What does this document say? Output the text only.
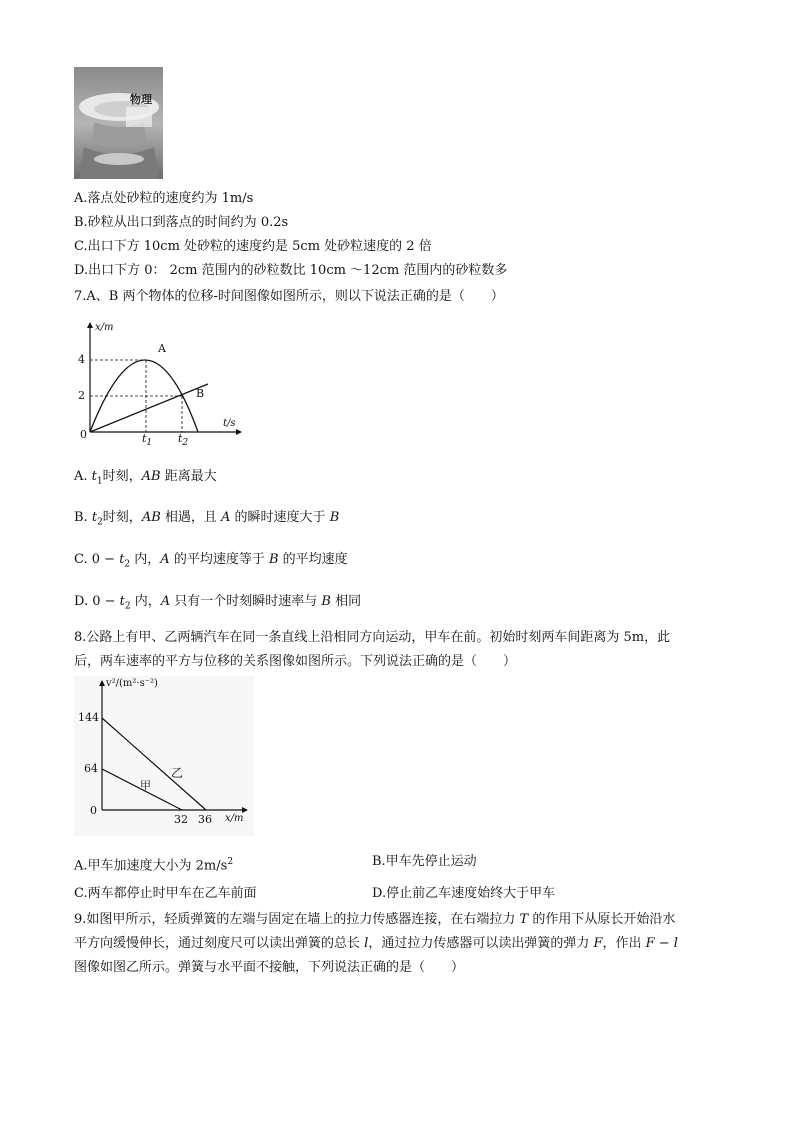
物理
A.落点处砂粒的速度约为 1m/s
B.砂粒从出口到落点的时间约为 0.2s
C.出口下方 10cm 处砂粒的速度约是 5cm 处砂粒速度的 2 倍
D.出口下方 0： 2cm 范围内的砂粒数比 10cm ～12cm 范围内的砂粒数多
7.A、B 两个物体的位移-时间图像如图所示，则以下说法正确的是（　　）
x/m
t/s
4
2
0	$t_1$ $t_2$
A
B
A. $t_1$时刻，AB 距离最大
B. $t_2$时刻，AB 相遇，且 A 的瞬时速度大于 B
C. $0 - t_2$ 内，A 的平均速度等于 B 的平均速度
D. $0 - t_2$ 内，A 只有一个时刻瞬时速率与 B 相同
8.公路上有甲、乙两辆汽车在同一条直线上沿相同方向运动，甲车在前。初始时刻两车间距离为 5m，此
后，两车速率的平方与位移的关系图像如图所示。下列说法正确的是（　　）
v²/(m²·s⁻²)
x/m
144
64
0
32 36
乙
甲
A.甲车加速度大小为 $2m/s^2$	B.甲车先停止运动
C.两车都停止时甲车在乙车前面	D.停止前乙车速度始终大于甲车
9.如图甲所示，轻质弹簧的左端与固定在墙上的拉力传感器连接，在右端拉力 T 的作用下从原长开始沿水
平方向缓慢伸长，通过刻度尺可以读出弹簧的总长 l，通过拉力传感器可以读出弹簧的弹力 F，作出 F − l
图像如图乙所示。弹簧与水平面不接触，下列说法正确的是（　　）
